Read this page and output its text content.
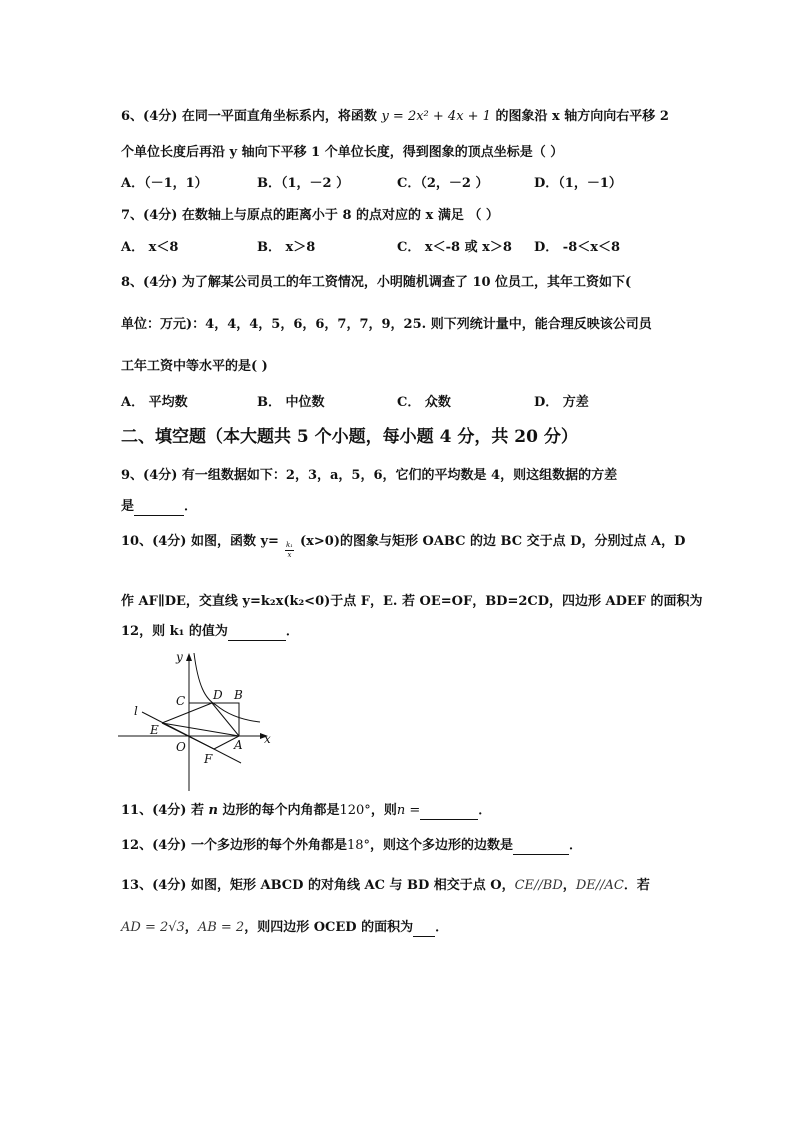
6、(4分) 在同一平面直角坐标系内，将函数 y = 2x² + 4x + 1 的图象沿 x 轴方向向右平移 2
个单位长度后再沿 y 轴向下平移 1 个单位长度，得到图象的顶点坐标是（ ）
A．（－1，1）	B．（1，－2 ）	C．（2，－2 ）	D．（1，－1）
7、(4分) 在数轴上与原点的距离小于 8 的点对应的 x 满足 （ ）
A． x＜8	B． x＞8	C． x＜-8 或 x＞8 D． -8＜x＜8
8、(4分) 为了解某公司员工的年工资情况，小明随机调查了 10 位员工，其年工资如下(
单位：万元)：4，4，4，5，6，6，7，7，9，25. 则下列统计量中，能合理反映该公司员
工年工资中等水平的是( )
A． 平均数	B． 中位数	C． 众数	D． 方差
二、填空题（本大题共 5 个小题，每小题 4 分，共 20 分）
9、(4分) 有一组数据如下：2，3，a，5，6，它们的平均数是 4，则这组数据的方差
是	．
10、(4分) 如图，函数 $y= \frac{\text{k₁}}{x} (x>0)$的图象与矩形 OABC 的边 BC 交于点 D，分别过点 A，D
作 AF∥DE，交直线 y=k₂x(k₂<0)于点 F，E. 若 OE=OF，BD=2CD，四边形 ADEF 的面积为
12，则 k₁ 的值为	．
y
x
l
C D B
E
O	A
F
11、(4分) 若 n 边形的每个内角都是120°，则n =	．
12、(4分) 一个多边形的每个外角都是18°，则这个多边形的边数是	．
13、(4分) 如图，矩形 ABCD 的对角线 AC 与 BD 相交于点 O，CE//BD，DE//AC．若
AD = 2√3，AB = 2，则四边形 OCED 的面积为 ．
